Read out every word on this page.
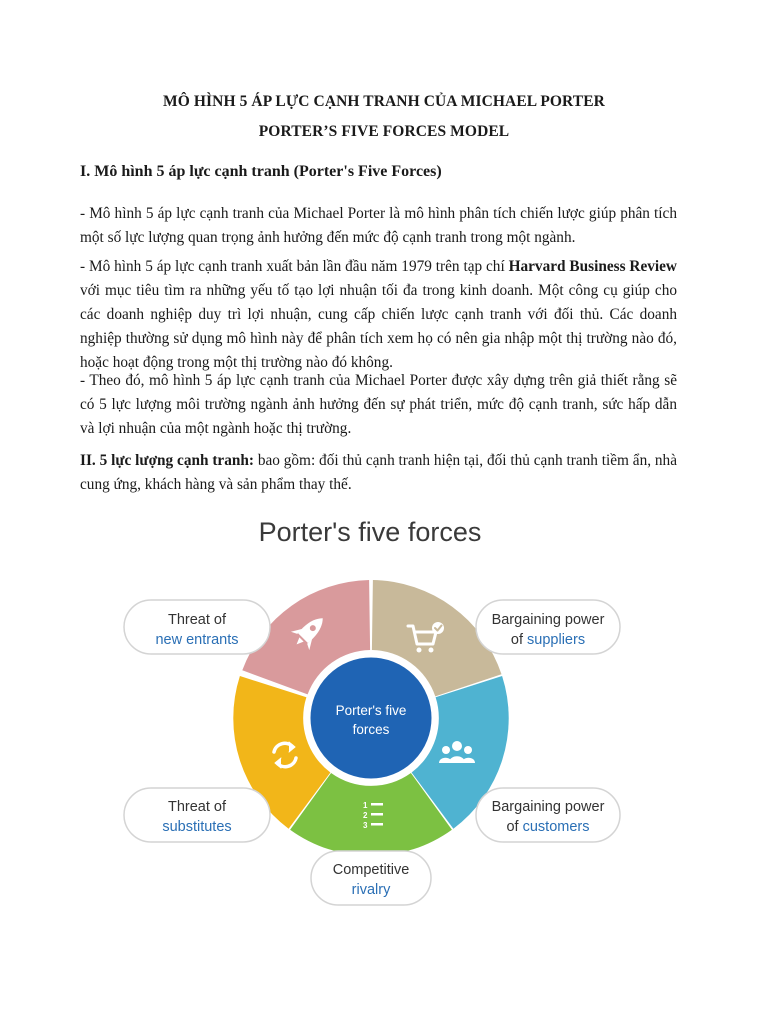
MÔ HÌNH 5 ÁP LỰC CẠNH TRANH CỦA MICHAEL PORTER
PORTER’S FIVE FORCES MODEL
I. Mô hình 5 áp lực cạnh tranh (Porter's Five Forces)
- Mô hình 5 áp lực cạnh tranh của Michael Porter là mô hình phân tích chiến lược giúp phân tích một số lực lượng quan trọng ảnh hưởng đến mức độ cạnh tranh trong một ngành.
- Mô hình 5 áp lực cạnh tranh xuất bản lần đầu năm 1979 trên tạp chí Harvard Business Review với mục tiêu tìm ra những yếu tố tạo lợi nhuận tối đa trong kinh doanh. Một công cụ giúp cho các doanh nghiệp duy trì lợi nhuận, cung cấp chiến lược cạnh tranh với đối thủ. Các doanh nghiệp thường sử dụng mô hình này để phân tích xem họ có nên gia nhập một thị trường nào đó, hoặc hoạt động trong một thị trường nào đó không.
- Theo đó, mô hình 5 áp lực cạnh tranh của Michael Porter được xây dựng trên giả thiết rằng sẽ có 5 lực lượng môi trường ngành ảnh hưởng đến sự phát triển, mức độ cạnh tranh, sức hấp dẫn và lợi nhuận của một ngành hoặc thị trường.
II. 5 lực lượng cạnh tranh: bao gồm: đối thủ cạnh tranh hiện tại, đối thủ cạnh tranh tiềm ẩn, nhà cung ứng, khách hàng và sản phẩm thay thế.
Porter's five forces
1
2
3
Porter's five
forces
Threat of
new entrants
Bargaining power
of suppliers
Threat of
substitutes
Bargaining power
of customers
Competitive
rivalry
